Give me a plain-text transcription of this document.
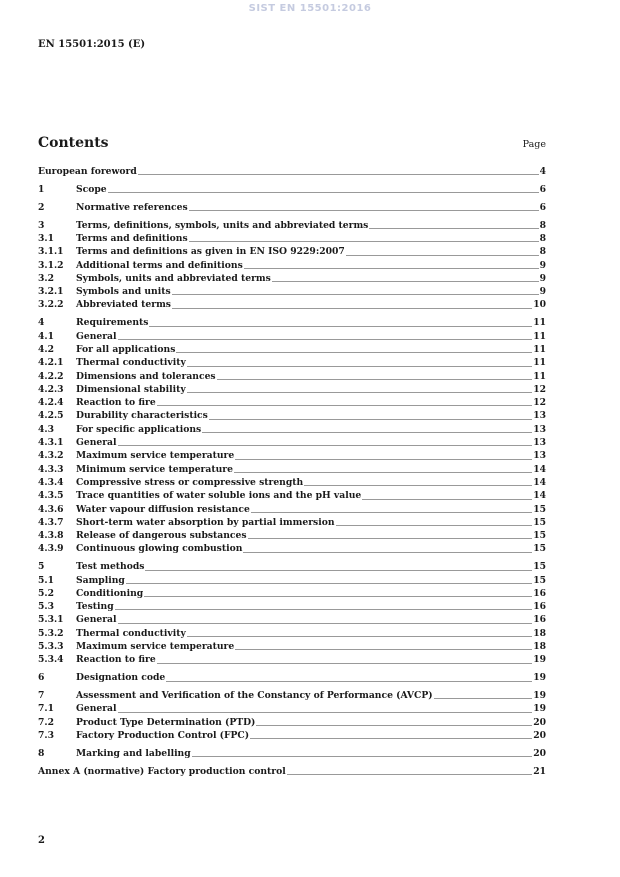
SIST EN 15501:2016
EN 15501:2015 (E)
Contents	Page
European foreword	4
1	Scope	6
2	Normative references	6
3	Terms, definitions, symbols, units and abbreviated terms	8
3.1	Terms and definitions	8
3.1.1	Terms and definitions as given in EN ISO 9229:2007	8
3.1.2	Additional terms and definitions	9
3.2	Symbols, units and abbreviated terms	9
3.2.1	Symbols and units	9
3.2.2	Abbreviated terms	10
4	Requirements	11
4.1	General	11
4.2	For all applications	11
4.2.1	Thermal conductivity	11
4.2.2	Dimensions and tolerances	11
4.2.3	Dimensional stability	12
4.2.4	Reaction to fire	12
4.2.5	Durability characteristics	13
4.3	For specific applications	13
4.3.1	General	13
4.3.2	Maximum service temperature	13
4.3.3	Minimum service temperature	14
4.3.4	Compressive stress or compressive strength	14
4.3.5	Trace quantities of water soluble ions and the pH value	14
4.3.6	Water vapour diffusion resistance	15
4.3.7	Short-term water absorption by partial immersion	15
4.3.8	Release of dangerous substances	15
4.3.9	Continuous glowing combustion	15
5	Test methods	15
5.1	Sampling	15
5.2	Conditioning	16
5.3	Testing	16
5.3.1	General	16
5.3.2	Thermal conductivity	18
5.3.3	Maximum service temperature	18
5.3.4	Reaction to fire	19
6	Designation code	19
7	Assessment and Verification of the Constancy of Performance (AVCP)	19
7.1	General	19
7.2	Product Type Determination (PTD)	20
7.3	Factory Production Control (FPC)	20
8	Marking and labelling	20
Annex A (normative) Factory production control	21
2
